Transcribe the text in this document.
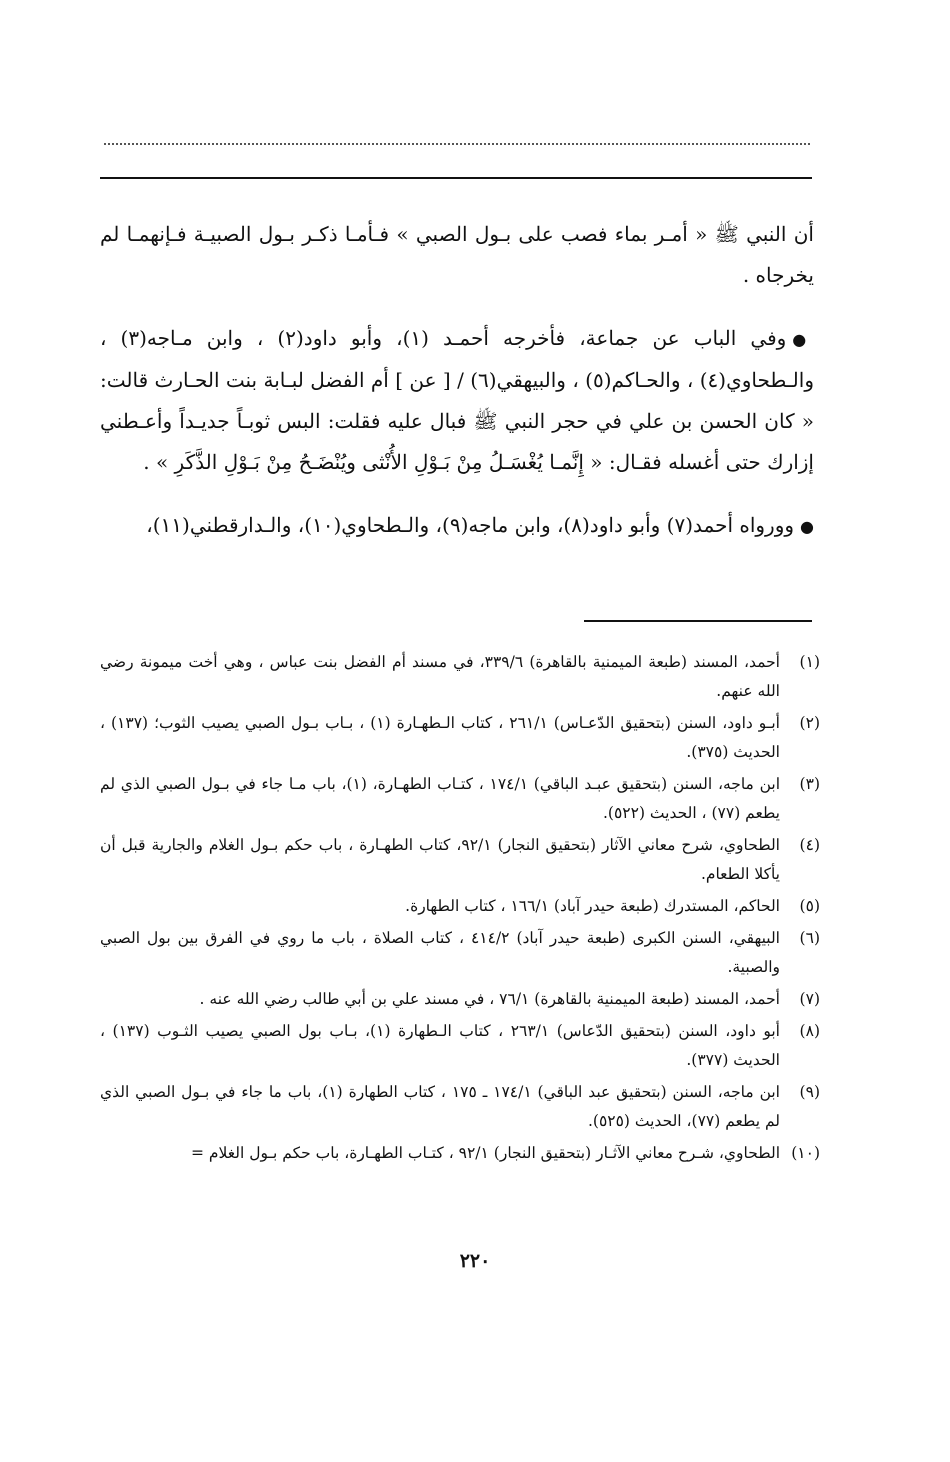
أن النبي ﷺ « أمـر بماء فصب على بـول الصبي » فـأمـا ذكـر بـول الصبيـة فـإنهمـا لم يخرجاه .

● وفي الباب عن جماعة، فأخرجه أحمـد (١)، وأبو داود(٢) ، وابن مـاجه(٣) ، والـطحاوي(٤) ، والحـاكم(٥) ، والبيهقي(٦) / [ عن ] أم الفضل لبـابة بنت الحـارث قالت: « كان الحسن بن علي في حجر النبي ﷺ فبال عليه فقلت: البس ثوبـاً جديـداً وأعـطني إزارك حتى أغسله فقـال: « إِنَّمـا يُغْسَـلُ مِنْ بَـوْلِ الأُنْثى ويُنْضَـحُ مِنْ بَـوْلِ الذَّكَرِ » .

● وورواه أحمد(٧) وأبو داود(٨)، وابن ماجه(٩)، والـطحاوي(١٠)، والـدارقطني(١١)،

(١)
أحمد، المسند (طبعة الميمنية بالقاهرة) ٣٣٩/٦، في مسند أم الفضل بنت عباس ، وهي أخت ميمونة رضي الله عنهم.
(٢)
أبـو داود، السنن (بتحقيق الدّعـاس) ٢٦١/١ ، كتاب الـطهـارة (١) ، بـاب بـول الصبي يصيب الثوب؛ (١٣٧) ، الحديث (٣٧٥).
(٣)
ابن ماجه، السنن (بتحقيق عبـد الباقي) ١٧٤/١ ، كتـاب الطهـارة، (١)، باب مـا جاء في بـول الصبي الذي لم يطعم (٧٧) ، الحديث (٥٢٢).
(٤)
الطحاوي، شرح معاني الآثار (بتحقيق النجار) ٩٢/١، كتاب الطهـارة ، باب حكم بـول الغلام والجارية قبل أن يأكلا الطعام.
(٥)
الحاكم، المستدرك (طبعة حيدر آباد) ١٦٦/١ ، كتاب الطهارة.
(٦)
البيهقي، السنن الكبرى (طبعة حيدر آباد) ٤١٤/٢ ، كتاب الصلاة ، باب ما روي في الفرق بين بول الصبي والصبية.
(٧)
أحمد، المسند (طبعة الميمنية بالقاهرة) ٧٦/١ ، في مسند علي بن أبي طالب رضي الله عنه .
(٨)
أبو داود، السنن (بتحقيق الدّعاس) ٢٦٣/١ ، كتاب الـطهارة (١)، بـاب بول الصبي يصيب الثـوب (١٣٧) ، الحديث (٣٧٧).
(٩)
ابن ماجه، السنن (بتحقيق عبد الباقي) ١٧٤/١ ـ ١٧٥ ، كتاب الطهارة (١)، باب ما جاء في بـول الصبي الذي لم يطعم (٧٧)، الحديث (٥٢٥).
(١٠)
الطحاوي، شـرح معاني الآثـار (بتحقيق النجار) ٩٢/١ ، كتـاب الطهـارة، باب حكم بـول الغلام =
٢٢٠
